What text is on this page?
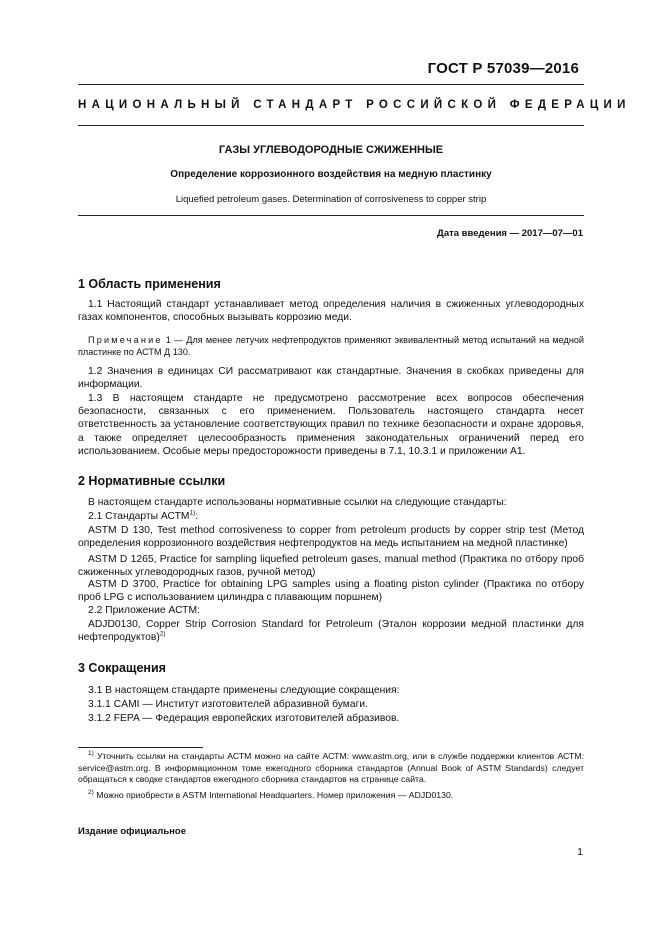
ГОСТ Р 57039—2016
НАЦИОНАЛЬНЫЙ СТАНДАРТ РОССИЙСКОЙ ФЕДЕРАЦИИ
ГАЗЫ УГЛЕВОДОРОДНЫЕ СЖИЖЕННЫЕ
Определение коррозионного воздействия на медную пластинку
Liquefied petroleum gases. Determination of corrosiveness to copper strip
Дата введения — 2017—07—01
1 Область применения

1.1 Настоящий стандарт устанавливает метод определения наличия в сжиженных углеводородных газах компонентов, способных вызывать коррозию меди.

Примечание 1 — Для менее летучих нефтепродуктов применяют эквивалентный метод испытаний на медной пластинке по АСТМ Д 130.

1.2 Значения в единицах СИ рассматривают как стандартные. Значения в скобках приведены для информации.

1.3 В настоящем стандарте не предусмотрено рассмотрение всех вопросов обеспечения безопасности, связанных с его применением. Пользователь настоящего стандарта несет ответственность за установление соответствующих правил по технике безопасности и охране здоровья, а также определяет целесообразность применения законодательных ограничений перед его использованием. Особые меры предосторожности приведены в 7.1, 10.3.1 и приложении А1.

2 Нормативные ссылки

В настоящем стандарте использованы нормативные ссылки на следующие стандарты:

2.1 Стандарты АСТМ$^{1)}$:

ASTM D 130, Test method corrosiveness to copper from petroleum products by copper strip test (Метод определения коррозионного воздействия нефтепродуктов на медь испытанием на медной пластинке)

ASTM D 1265, Practice for sampling liquefied petroleum gases, manual method (Практика по отбору проб сжиженных углеводородных газов, ручной метод)

ASTM D 3700, Practice for obtaining LPG samples using a floating piston cylinder (Практика по отбору проб LPG с использованием цилиндра с плавающим поршнем)

2.2 Приложение АСТМ:

ADJD0130, Copper Strip Corrosion Standard for Petroleum (Эталон коррозии медной пластинки для нефтепродуктов)$^{2)}$

3 Сокращения

3.1 В настоящем стандарте применены следующие сокращения:

3.1.1 CAMI — Институт изготовителей абразивной бумаги.

3.1.2 FEPA — Федерация европейских изготовителей абразивов.

$^{1)}$ Уточнить ссылки на стандарты АСТМ можно на сайте АСТМ: www.astm.org, или в службе поддержки клиентов АСТМ: service@astm.org. В информационном томе ежегодного сборника стандартов (Annual Book of ASTM Standards) следует обращаться к сводке стандартов ежегодного сборника стандартов на странице сайта.

$^{2)}$ Можно приобрести в ASTM International Headquarters. Номер приложения — ADJD0130.

Издание официальное
1
